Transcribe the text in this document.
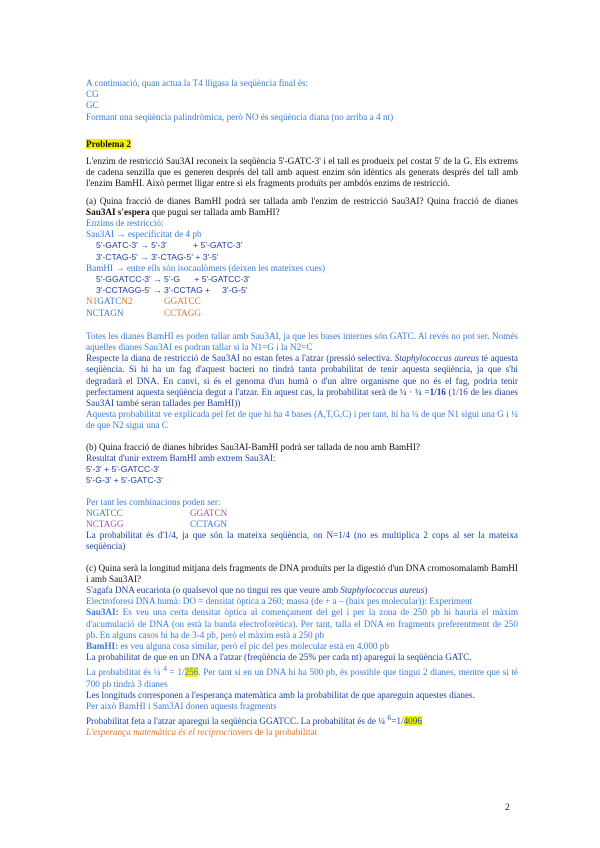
A continuació, quan actua la T4 lligasa la seqüència final és:

CG

GC

Formant una seqüència palindròmica, però NO és seqüència diana (no arriba a 4 nt)

Problema 2

L'enzim de restricció Sau3AI reconeix la seqüència 5'-GATC-3' i el tall es produeix pel costat 5' de la G. Els extrems de cadena senzilla que es generen després del tall amb aquest enzim són idèntics als generats després del tall amb l'enzim BamHI. Això permet lligar entre si els fragments produïts per ambdós enzims de restricció.

(a) Quina fracció de dianes BamHI podrà ser tallada amb l'enzim de restricció Sau3AI? Quina fracció de dianes Sau3AI s'espera que pugui ser tallada amb BamHI?

Enzims de restricció:

Sau3AI → específicitat de 4 pb

5'-GATC-3' → 5'-3'	+ 5'-GATC-3'

3'-CTAG-5' → 3'-CTAG-5' + 3'-5'

BamHI → entre ells són isocaulòmers (deixen les mateixes cues)

5'-GGATCC-3' → 5'-G + 5'-GATCC-3'

3'-CCTAGG-5' → 3'-CCTAG + 3'-G-5'

N1GATCN2	GGATCC

NCTAGN	CCTAGG

Totes les dianes BamHI es poden tallar amb Sau3AI, ja que les bases internes són GATC. Al revés no pot ser. Només aquelles dianes Sau3AI es podran tallar si la N1=G i la N2=C

Respecte la diana de restricció de Sau3AI no estan fetes a l'atzar (pressió selectiva. Staphylococcus aureus té aquesta seqüència. Si hi ha un fag d'aquest bacteri no tindrà tanta probabilitat de tenir aquesta seqüència, ja que s'hi degradarà el DNA. En canvi, si és el genoma d'un humà o d'un altre organisme que no és el fag, podria tenir perfectament aquesta seqüència degut a l'atzar. En aquest cas, la probabilitat serà de ¼ · ¼ =1/16 (1/16 de les dianes Sau3AI també seran tallades per BamHI))

Aquesta probabilitat ve explicada pel fet de que hi ha 4 bases (A,T,G,C) i per tant, hi ha ¼ de que N1 sigui una G i ¼ de que N2 sigui una C

(b) Quina fracció de dianes híbrides Sau3AI-BamHI podrà ser tallada de nou amb BamHI?

Resultat d'unir extrem BamHI amb extrem Sau3AI:

5'-3' + 5'-GATCC-3'

5'-G-3' + 5'-GATC-3'

Per tant les combinacions poden ser:

NGATCC	GGATCN

NCTAGG	CCTAGN

La probabilitat és d'1/4, ja que són la mateixa seqüència, on N=1/4 (no es multiplica 2 cops al ser la mateixa seqüència)

(c) Quina serà la longitud mitjana dels fragments de DNA produïts per la digestió d'un DNA cromosomalamb BamHI i amb Sau3AI?

S'agafa DNA eucariota (o qualsevol que no tingui res que veure amb Staphylococcus aureus)

Electroforesi DNA humà: DO = densitat òptica a 260; massa (de + a – (baix pes molecular)): Experiment

Sau3AI: Es veu una certa densitat òptica al començament del gel i per la zona de 250 pb hi hauria el màxim d'acumulació de DNA (on està la banda electroforètica). Per tant, talla el DNA en fragments preferentment de 250 pb. En alguns casos hi ha de 3-4 pb, però el màxim està a 250 pb

BamHI: es veu alguna cosa similar, però el pic del pes molecular està en 4.000 pb

La probabilitat de que en un DNA a l'atzar (freqüència de 25% per cada nt) aparegui la seqüència GATC.

La probabilitat és ¼ $^4$ = 1/256. Per tant si en un DNA hi ha 500 pb, és possible que tingui 2 dianes, mentre que si té 700 pb tindrà 3 dianes

Les longituds corresponen a l'esperança matemàtica amb la probabilitat de que apareguin aquestes dianes.

Per això BamHI i Sam3AI donen aquests fragments

Probabilitat feta a l'atzar aparegui la seqüència GGATCC. La probabilitat és de ¼ $^6$=1/4096

L'esperança matemàtica és el recíproc/invers de la probabilitat

2
